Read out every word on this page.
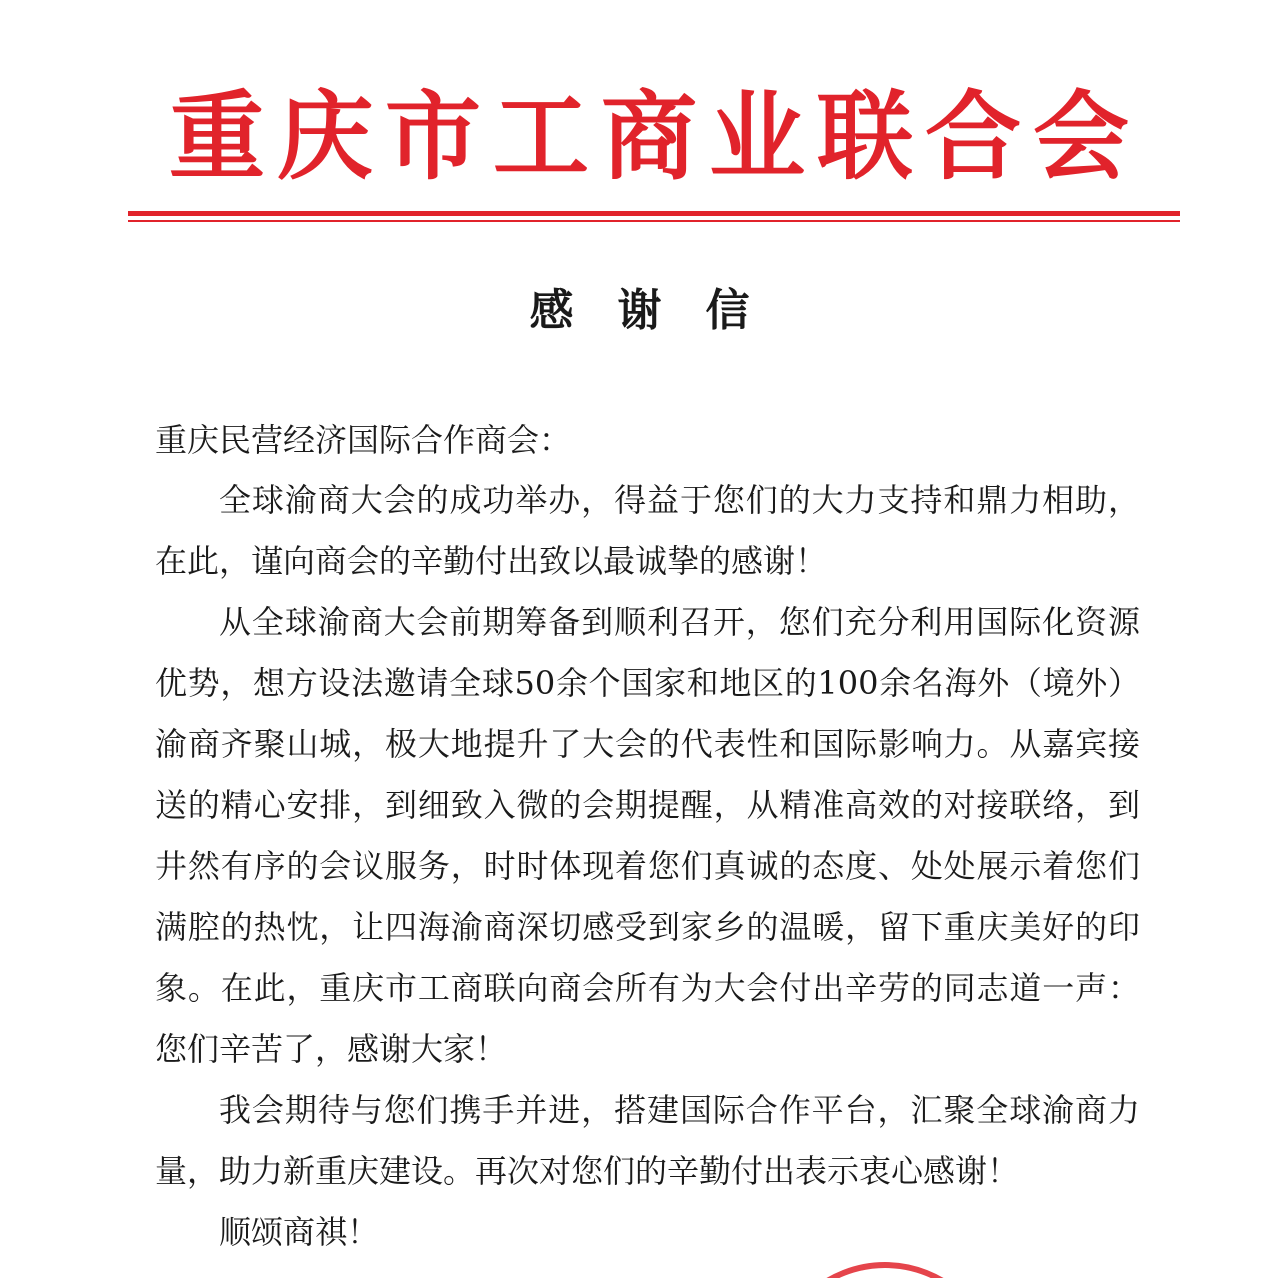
重庆市工商业联合会
感谢信
重庆民营经济国际合作商会：

全球渝商大会的成功举办，得益于您们的大力支持和鼎力相助，在此，谨向商会的辛勤付出致以最诚挚的感谢！

从全球渝商大会前期筹备到顺利召开，您们充分利用国际化资源优势，想方设法邀请全球50余个国家和地区的100余名海外（境外）渝商齐聚山城，极大地提升了大会的代表性和国际影响力。从嘉宾接送的精心安排，到细致入微的会期提醒，从精准高效的对接联络，到井然有序的会议服务，时时体现着您们真诚的态度、处处展示着您们满腔的热忱，让四海渝商深切感受到家乡的温暖，留下重庆美好的印象。在此，重庆市工商联向商会所有为大会付出辛劳的同志道一声：您们辛苦了，感谢大家！

我会期待与您们携手并进，搭建国际合作平台，汇聚全球渝商力量，助力新重庆建设。再次对您们的辛勤付出表示衷心感谢！

顺颂商祺！
